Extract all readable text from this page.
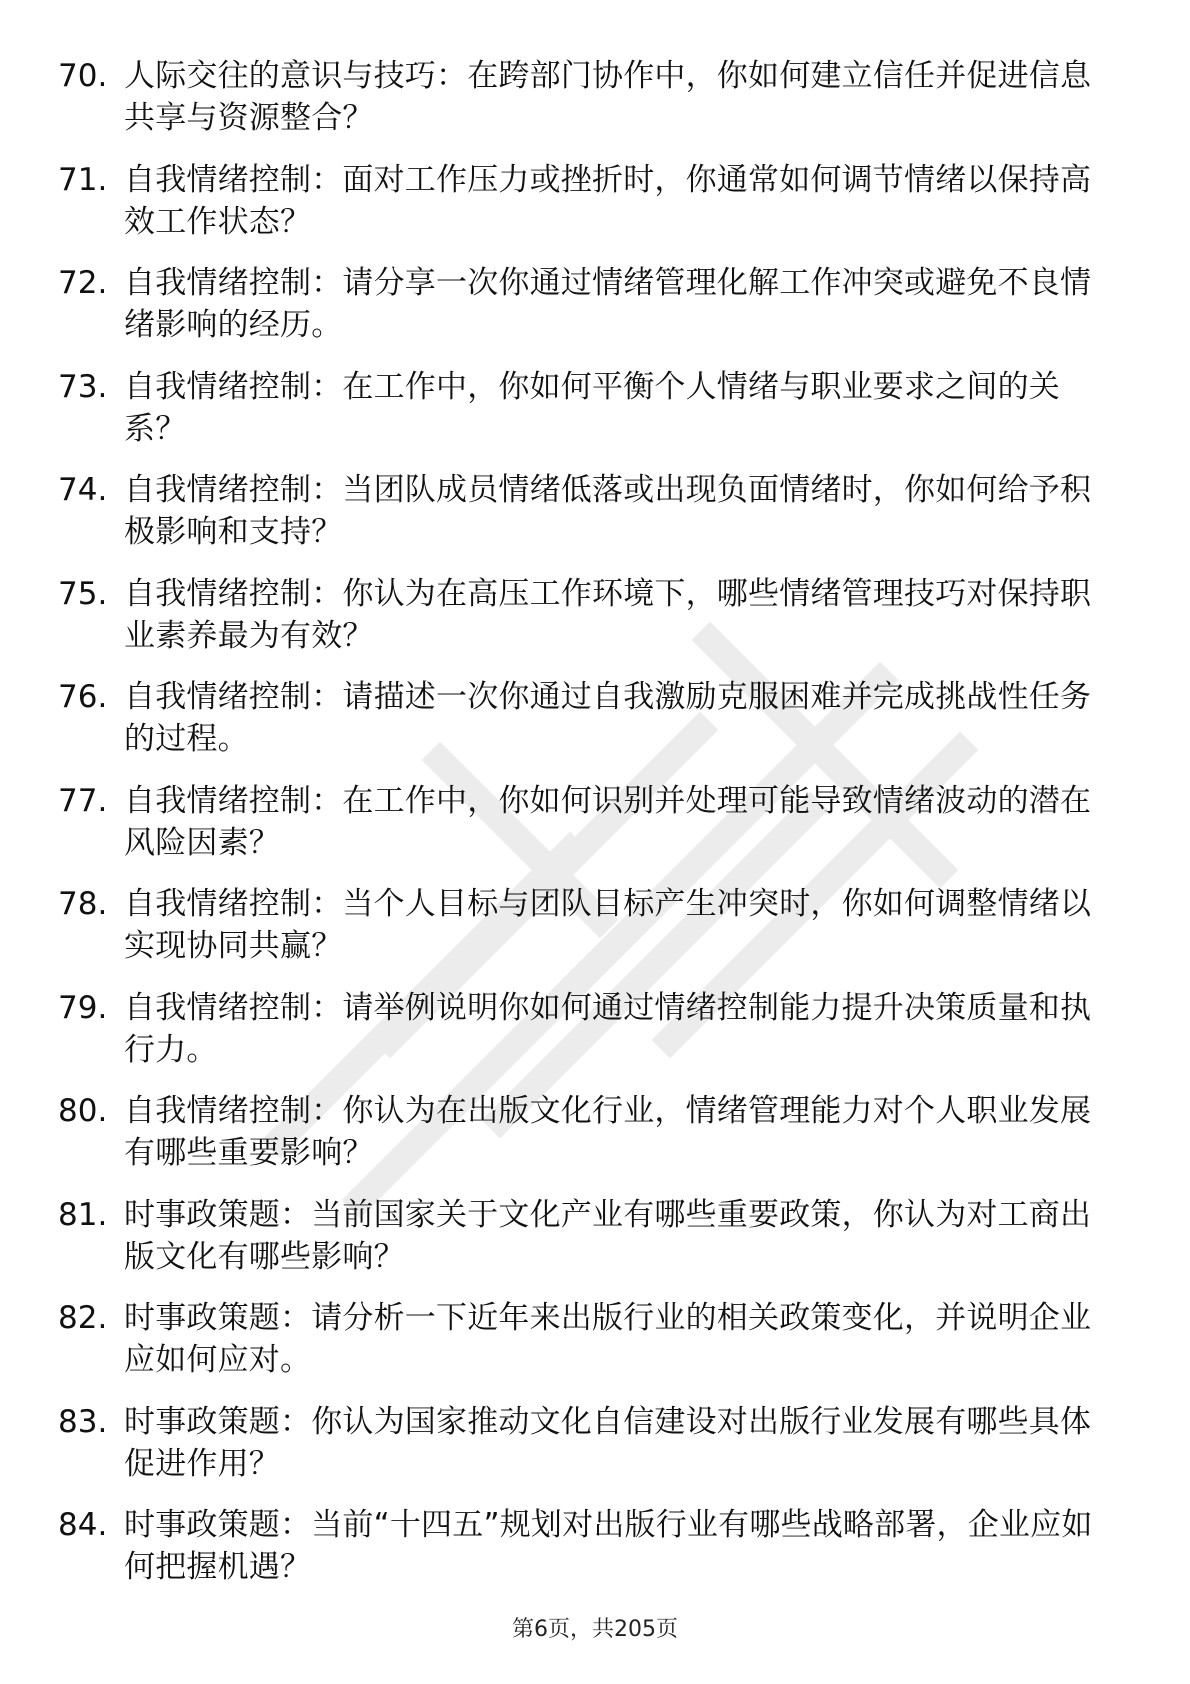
70. 人际交往的意识与技巧：在跨部门协作中，你如何建立信任并促进信息共享与资源整合？
71. 自我情绪控制：面对工作压力或挫折时，你通常如何调节情绪以保持高效工作状态？
72. 自我情绪控制：请分享一次你通过情绪管理化解工作冲突或避免不良情绪影响的经历。
73. 自我情绪控制：在工作中，你如何平衡个人情绪与职业要求之间的关系？
74. 自我情绪控制：当团队成员情绪低落或出现负面情绪时，你如何给予积极影响和支持？
75. 自我情绪控制：你认为在高压工作环境下，哪些情绪管理技巧对保持职业素养最为有效？
76. 自我情绪控制：请描述一次你通过自我激励克服困难并完成挑战性任务的过程。
77. 自我情绪控制：在工作中，你如何识别并处理可能导致情绪波动的潜在风险因素？
78. 自我情绪控制：当个人目标与团队目标产生冲突时，你如何调整情绪以实现协同共赢？
79. 自我情绪控制：请举例说明你如何通过情绪控制能力提升决策质量和执行力。
80. 自我情绪控制：你认为在出版文化行业，情绪管理能力对个人职业发展有哪些重要影响？
81. 时事政策题：当前国家关于文化产业有哪些重要政策，你认为对工商出版文化有哪些影响？
82. 时事政策题：请分析一下近年来出版行业的相关政策变化，并说明企业应如何应对。
83. 时事政策题：你认为国家推动文化自信建设对出版行业发展有哪些具体促进作用？
84. 时事政策题：当前“十四五”规划对出版行业有哪些战略部署，企业应如何把握机遇？
第6页，共205页
